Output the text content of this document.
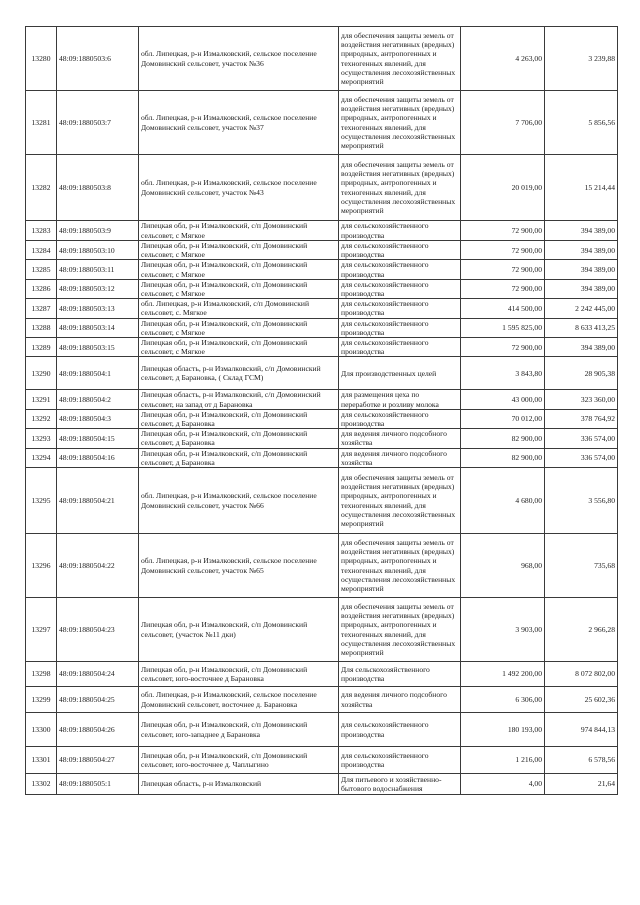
13280	48:09:1880503:6	обл. Липецкая, р-н Измалковский, сельское поселение Домовинский сельсовет, участок №36	для обеспечения защиты земель от воздействия негативных (вредных) природных, антропогенных и техногенных явлений, для осуществления лесохозяйственных мероприятий	4 263,00	3 239,88
13281	48:09:1880503:7	обл. Липецкая, р-н Измалковский, сельское поселение Домовинский сельсовет, участок №37	для обеспечения защиты земель от воздействия негативных (вредных) природных, антропогенных и техногенных явлений, для осуществления лесохозяйственных мероприятий	7 706,00	5 856,56
13282	48:09:1880503:8	обл. Липецкая, р-н Измалковский, сельское поселение Домовинский сельсовет, участок №43	для обеспечения защиты земель от воздействия негативных (вредных) природных, антропогенных и техногенных явлений, для осуществления лесохозяйственных мероприятий	20 019,00	15 214,44
13283	48:09:1880503:9	Липецкая обл, р-н Измалковский, с/п Домовинский сельсовет, с Мягкое	для сельскохозяйственного производства	72 900,00	394 389,00
13284	48:09:1880503:10	Липецкая обл, р-н Измалковский, с/п Домовинский сельсовет, с Мягкое	для сельскохозяйственного производства	72 900,00	394 389,00
13285	48:09:1880503:11	Липецкая обл, р-н Измалковский, с/п Домовинский сельсовет, с Мягкое	для сельскохозяйственного производства	72 900,00	394 389,00
13286	48:09:1880503:12	Липецкая обл, р-н Измалковский, с/п Домовинский сельсовет, с Мягкое	для сельскохозяйственного производства	72 900,00	394 389,00
13287	48:09:1880503:13	обл. Липецкая, р-н Измалковский, с/п Домовинский сельсовет, с. Мягкое	для сельскохозяйственного производства	414 500,00	2 242 445,00
13288	48:09:1880503:14	Липецкая обл, р-н Измалковский, с/п Домовинский сельсовет, с Мягкое	для сельскохозяйственного производства	1 595 825,00	8 633 413,25
13289	48:09:1880503:15	Липецкая обл, р-н Измалковский, с/п Домовинский сельсовет, с Мягкое	для сельскохозяйственного производства	72 900,00	394 389,00
13290	48:09:1880504:1	Липецкая область, р-н Измалковский, с/п Домовинский сельсовет, д Барановка, ( Склад ГСМ)	Для производственных целей	3 843,80	28 905,38
13291	48:09:1880504:2	Липецкая область, р-н Измалковский, с/п Домовинский сельсовет, на запад от д Барановка	для размещения цеха по переработке и розливу молока	43 000,00	323 360,00
13292	48:09:1880504:3	Липецкая обл, р-н Измалковский, с/п Домовинский сельсовет, д Барановка	для сельскохозяйственного производства	70 012,00	378 764,92
13293	48:09:1880504:15	Липецкая обл, р-н Измалковский, с/п Домовинский сельсовет, д Барановка	для ведения личного подсобного хозяйства	82 900,00	336 574,00
13294	48:09:1880504:16	Липецкая обл, р-н Измалковский, с/п Домовинский сельсовет, д Барановка	для ведения личного подсобного хозяйства	82 900,00	336 574,00
13295	48:09:1880504:21	обл. Липецкая, р-н Измалковский, сельское поселение Домовинский сельсовет, участок №66	для обеспечения защиты земель от воздействия негативных (вредных) природных, антропогенных и техногенных явлений, для осуществления лесохозяйственных мероприятий	4 680,00	3 556,80
13296	48:09:1880504:22	обл. Липецкая, р-н Измалковский, сельское поселение Домовинский сельсовет, участок №65	для обеспечения защиты земель от воздействия негативных (вредных) природных, антропогенных и техногенных явлений, для осуществления лесохозяйственных мероприятий	968,00	735,68
13297	48:09:1880504:23	Липецкая обл, р-н Измалковский, с/п Домовинский сельсовет, (участок №11 дки)	для обеспечения защиты земель от воздействия негативных (вредных) природных, антропогенных и техногенных явлений, для осуществления лесохозяйственных мероприятий	3 903,00	2 966,28
13298	48:09:1880504:24	Липецкая обл, р-н Измалковский, с/п Домовинский сельсовет, юго-восточнее д Барановка	Для сельскохозяйственного производства	1 492 200,00	8 072 802,00
13299	48:09:1880504:25	обл. Липецкая, р-н Измалковский, сельское поселение Домовинский сельсовет, восточнее д. Барановка	для ведения личного подсобного хозяйства	6 306,00	25 602,36
13300	48:09:1880504:26	Липецкая обл, р-н Измалковский, с/п Домовинский сельсовет, юго-западнее д Барановка	для сельскохозяйственного производства	180 193,00	974 844,13
13301	48:09:1880504:27	Липецкая обл, р-н Измалковский, с/п Домовинский сельсовет, юго-восточнее д. Чаплыгино	для сельскохозяйственного производства	1 216,00	6 578,56
13302	48:09:1880505:1	Липецкая область, р-н Измалковский	Для питьевого и хозяйственно-бытового водоснабжения	4,00	21,64
